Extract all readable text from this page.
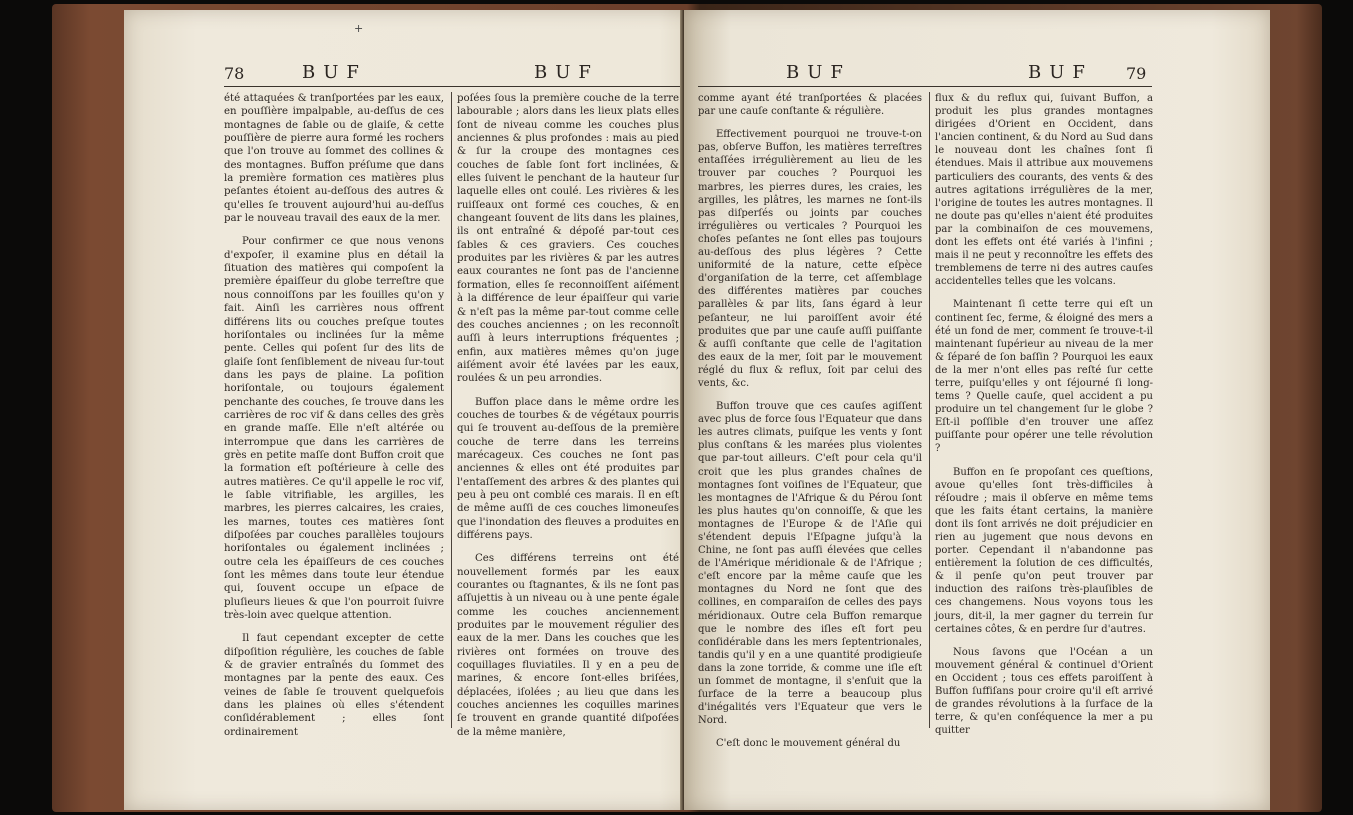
+
78	BUF	BUF

été attaquées & tranſportées par les eaux, en pouſſière impalpable, au-deſſus de ces montagnes de ſable ou de glaiſe, & cette pouſſière de pierre aura formé les rochers que l'on trouve au ſommet des collines & des montagnes. Buffon préſume que dans la première formation ces matières plus peſantes étoient au-deſſous des autres & qu'elles ſe trouvent aujourd'hui au-deſſus par le nouveau travail des eaux de la mer.

Pour confirmer ce que nous venons d'expoſer, il examine plus en détail la ſituation des matières qui compoſent la première épaiſſeur du globe terreſtre que nous connoiſſons par les fouilles qu'on y fait. Ainſi les carrières nous offrent différens lits ou couches preſque toutes horiſontales ou inclinées ſur la même pente. Celles qui poſent ſur des lits de glaiſe ſont ſenſiblement de niveau ſur-tout dans les pays de plaine. La poſition horiſontale, ou toujours également penchante des couches, ſe trouve dans les carrières de roc vif & dans celles des grès en grande maſſe. Elle n'eſt altérée ou interrompue que dans les carrières de grès en petite maſſe dont Buffon croit que la formation eſt poſtérieure à celle des autres matières. Ce qu'il appelle le roc vif, le ſable vitrifiable, les argilles, les marbres, les pierres calcaires, les craies, les marnes, toutes ces matières ſont diſpoſées par couches parallèles toujours horiſontales ou également inclinées ; outre cela les épaiſſeurs de ces couches ſont les mêmes dans toute leur étendue qui, ſouvent occupe un eſpace de pluſieurs lieues & que l'on pourroit ſuivre très-loin avec quelque attention.

Il faut cependant excepter de cette diſpoſition régulière, les couches de ſable & de gravier entraînés du ſommet des montagnes par la pente des eaux. Ces veines de ſable ſe trouvent quelquefois dans les plaines où elles s'étendent conſidérablement ; elles ſont ordinairement

poſées ſous la première couche de la terre labourable ; alors dans les lieux plats elles ſont de niveau comme les couches plus anciennes & plus profondes : mais au pied & ſur la croupe des montagnes ces couches de ſable ſont fort inclinées, & elles ſuivent le penchant de la hauteur ſur laquelle elles ont coulé. Les rivières & les ruiſſeaux ont formé ces couches, & en changeant ſouvent de lits dans les plaines, ils ont entraîné & dépoſé par-tout ces ſables & ces graviers. Ces couches produites par les rivières & par les autres eaux courantes ne ſont pas de l'ancienne formation, elles ſe reconnoiſſent aiſément à la différence de leur épaiſſeur qui varie & n'eſt pas la même par-tout comme celle des couches anciennes ; on les reconnoît auſſi à leurs interruptions fréquentes ; enfin, aux matières mêmes qu'on juge aiſément avoir été lavées par les eaux, roulées & un peu arrondies.

Buffon place dans le même ordre les couches de tourbes & de végétaux pourris qui ſe trouvent au-deſſous de la première couche de terre dans les terreins marécageux. Ces couches ne ſont pas anciennes & elles ont été produites par l'entaſſement des arbres & des plantes qui peu à peu ont comblé ces marais. Il en eſt de même auſſi de ces couches limoneuſes que l'inondation des fleuves a produites en différens pays.

Ces différens terreins ont été nouvellement formés par les eaux courantes ou ſtagnantes, & ils ne ſont pas aſſujettis à un niveau ou à une pente égale comme les couches anciennement produites par le mouvement régulier des eaux de la mer. Dans les couches que les rivières ont formées on trouve des coquillages fluviatiles. Il y en a peu de marines, & encore ſont-elles briſées, déplacées, iſolées ; au lieu que dans les couches anciennes les coquilles marines ſe trouvent en grande quantité diſpoſées de la même manière,

BUF	BUF 79

comme ayant été tranſportées & placées par une cauſe conſtante & régulière.

Effectivement pourquoi ne trouve-t-on pas, obſerve Buffon, les matières terreſtres entaſſées irrégulièrement au lieu de les trouver par couches ? Pourquoi les marbres, les pierres dures, les craies, les argilles, les plâtres, les marnes ne ſont-ils pas diſperſés ou joints par couches irrégulières ou verticales ? Pourquoi les choſes peſantes ne ſont elles pas toujours au-deſſous des plus légères ? Cette uniformité de la nature, cette eſpèce d'organiſation de la terre, cet aſſemblage des différentes matières par couches parallèles & par lits, ſans égard à leur peſanteur, ne lui paroiſſent avoir été produites que par une cauſe auſſi puiſſante & auſſi conſtante que celle de l'agitation des eaux de la mer, ſoit par le mouvement réglé du flux & reflux, ſoit par celui des vents, &c.

Buffon trouve que ces cauſes agiſſent avec plus de force ſous l'Equateur que dans les autres climats, puiſque les vents y ſont plus conſtans & les marées plus violentes que par-tout ailleurs. C'eſt pour cela qu'il croit que les plus grandes chaînes de montagnes ſont voiſines de l'Equateur, que les montagnes de l'Afrique & du Pérou ſont les plus hautes qu'on connoiſſe, & que les montagnes de l'Europe & de l'Aſie qui s'étendent depuis l'Eſpagne juſqu'à la Chine, ne ſont pas auſſi élevées que celles de l'Amérique méridionale & de l'Afrique ; c'eſt encore par la même cauſe que les montagnes du Nord ne ſont que des collines, en comparaiſon de celles des pays méridionaux. Outre cela Buffon remarque que le nombre des iſles eſt fort peu conſidérable dans les mers ſeptentrionales, tandis qu'il y en a une quantité prodigieuſe dans la zone torride, & comme une iſle eſt un ſommet de montagne, il s'enſuit que la ſurface de la terre a beaucoup plus d'inégalités vers l'Equateur que vers le Nord.

C'eſt donc le mouvement général du

flux & du reflux qui, ſuivant Buffon, a produit les plus grandes montagnes dirigées d'Orient en Occident, dans l'ancien continent, & du Nord au Sud dans le nouveau dont les chaînes ſont ſi étendues. Mais il attribue aux mouvemens particuliers des courants, des vents & des autres agitations irrégulières de la mer, l'origine de toutes les autres montagnes. Il ne doute pas qu'elles n'aient été produites par la combinaiſon de ces mouvemens, dont les effets ont été variés à l'infini ; mais il ne peut y reconnoître les effets des tremblemens de terre ni des autres cauſes accidentelles telles que les volcans.

Maintenant ſi cette terre qui eſt un continent ſec, ferme, & éloigné des mers a été un fond de mer, comment ſe trouve-t-il maintenant ſupérieur au niveau de la mer & ſéparé de ſon baſſin ? Pourquoi les eaux de la mer n'ont elles pas reſté ſur cette terre, puiſqu'elles y ont ſéjourné ſi long-tems ? Quelle cauſe, quel accident a pu produire un tel changement ſur le globe ? Eſt-il poſſible d'en trouver une aſſez puiſſante pour opérer une telle révolution ?

Buffon en ſe propoſant ces queſtions, avoue qu'elles ſont très-difficiles à réſoudre ; mais il obſerve en même tems que les faits étant certains, la manière dont ils ſont arrivés ne doit préjudicier en rien au jugement que nous devons en porter. Cependant il n'abandonne pas entièrement la ſolution de ces difficultés, & il penſe qu'on peut trouver par induction des raiſons très-plauſibles de ces changemens. Nous voyons tous les jours, dit-il, la mer gagner du terrein ſur certaines côtes, & en perdre ſur d'autres.

Nous ſavons que l'Océan a un mouvement général & continuel d'Orient en Occident ; tous ces effets paroiſſent à Buffon ſuffiſans pour croire qu'il eſt arrivé de grandes révolutions à la ſurface de la terre, & qu'en conſéquence la mer a pu quitter
